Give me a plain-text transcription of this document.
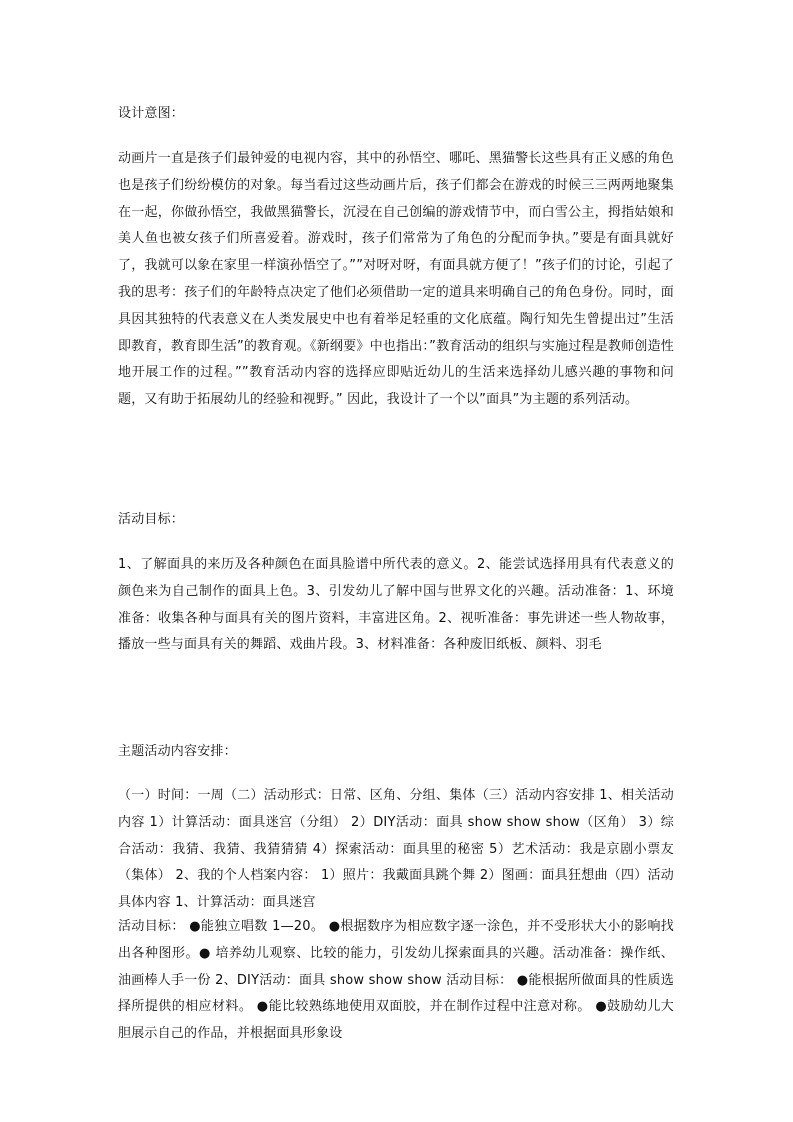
设计意图：

动画片一直是孩子们最钟爱的电视内容，其中的孙悟空、哪吒、黑猫警长这些具有正义感的角色也是孩子们纷纷模仿的对象。每当看过这些动画片后，孩子们都会在游戏的时候三三两两地聚集在一起，你做孙悟空，我做黑猫警长，沉浸在自己创编的游戏情节中，而白雪公主，拇指姑娘和美人鱼也被女孩子们所喜爱着。游戏时，孩子们常常为了角色的分配而争执。”要是有面具就好了，我就可以象在家里一样演孙悟空了。””对呀对呀，有面具就方便了！”孩子们的讨论，引起了我的思考：孩子们的年龄特点决定了他们必须借助一定的道具来明确自己的角色身份。同时，面具因其独特的代表意义在人类发展史中也有着举足轻重的文化底蕴。陶行知先生曾提出过”生活即教育，教育即生活”的教育观。《新纲要》中也指出：”教育活动的组织与实施过程是教师创造性地开展工作的过程。””教育活动内容的选择应即贴近幼儿的生活来选择幼儿感兴趣的事物和问题，又有助于拓展幼儿的经验和视野。” 因此，我设计了一个以”面具”为主题的系列活动。

活动目标：

1、了解面具的来历及各种颜色在面具脸谱中所代表的意义。2、能尝试选择用具有代表意义的颜色来为自己制作的面具上色。3、引发幼儿了解中国与世界文化的兴趣。活动准备：1、环境准备：收集各种与面具有关的图片资料，丰富进区角。2、视听准备：事先讲述一些人物故事，播放一些与面具有关的舞蹈、戏曲片段。3、材料准备：各种废旧纸板、颜料、羽毛

主题活动内容安排：

（一）时间：一周（二）活动形式：日常、区角、分组、集体（三）活动内容安排 1、相关活动内容 1）计算活动：面具迷宫（分组） 2）DIY活动：面具 show show show（区角） 3）综合活动：我猜、我猜、我猜猜猜 4）探索活动：面具里的秘密 5）艺术活动：我是京剧小票友（集体） 2、我的个人档案内容： 1）照片：我戴面具跳个舞 2）图画：面具狂想曲（四）活动具体内容 1、计算活动：面具迷宫

活动目标： ●能独立唱数 1—20。 ●根据数序为相应数字逐一涂色，并不受形状大小的影响找出各种图形。● 培养幼儿观察、比较的能力，引发幼儿探索面具的兴趣。活动准备：操作纸、油画棒人手一份 2、DIY活动：面具 show show show 活动目标： ●能根据所做面具的性质选择所提供的相应材料。 ●能比较熟练地使用双面胶，并在制作过程中注意对称。 ●鼓励幼儿大胆展示自己的作品，并根据面具形象设
